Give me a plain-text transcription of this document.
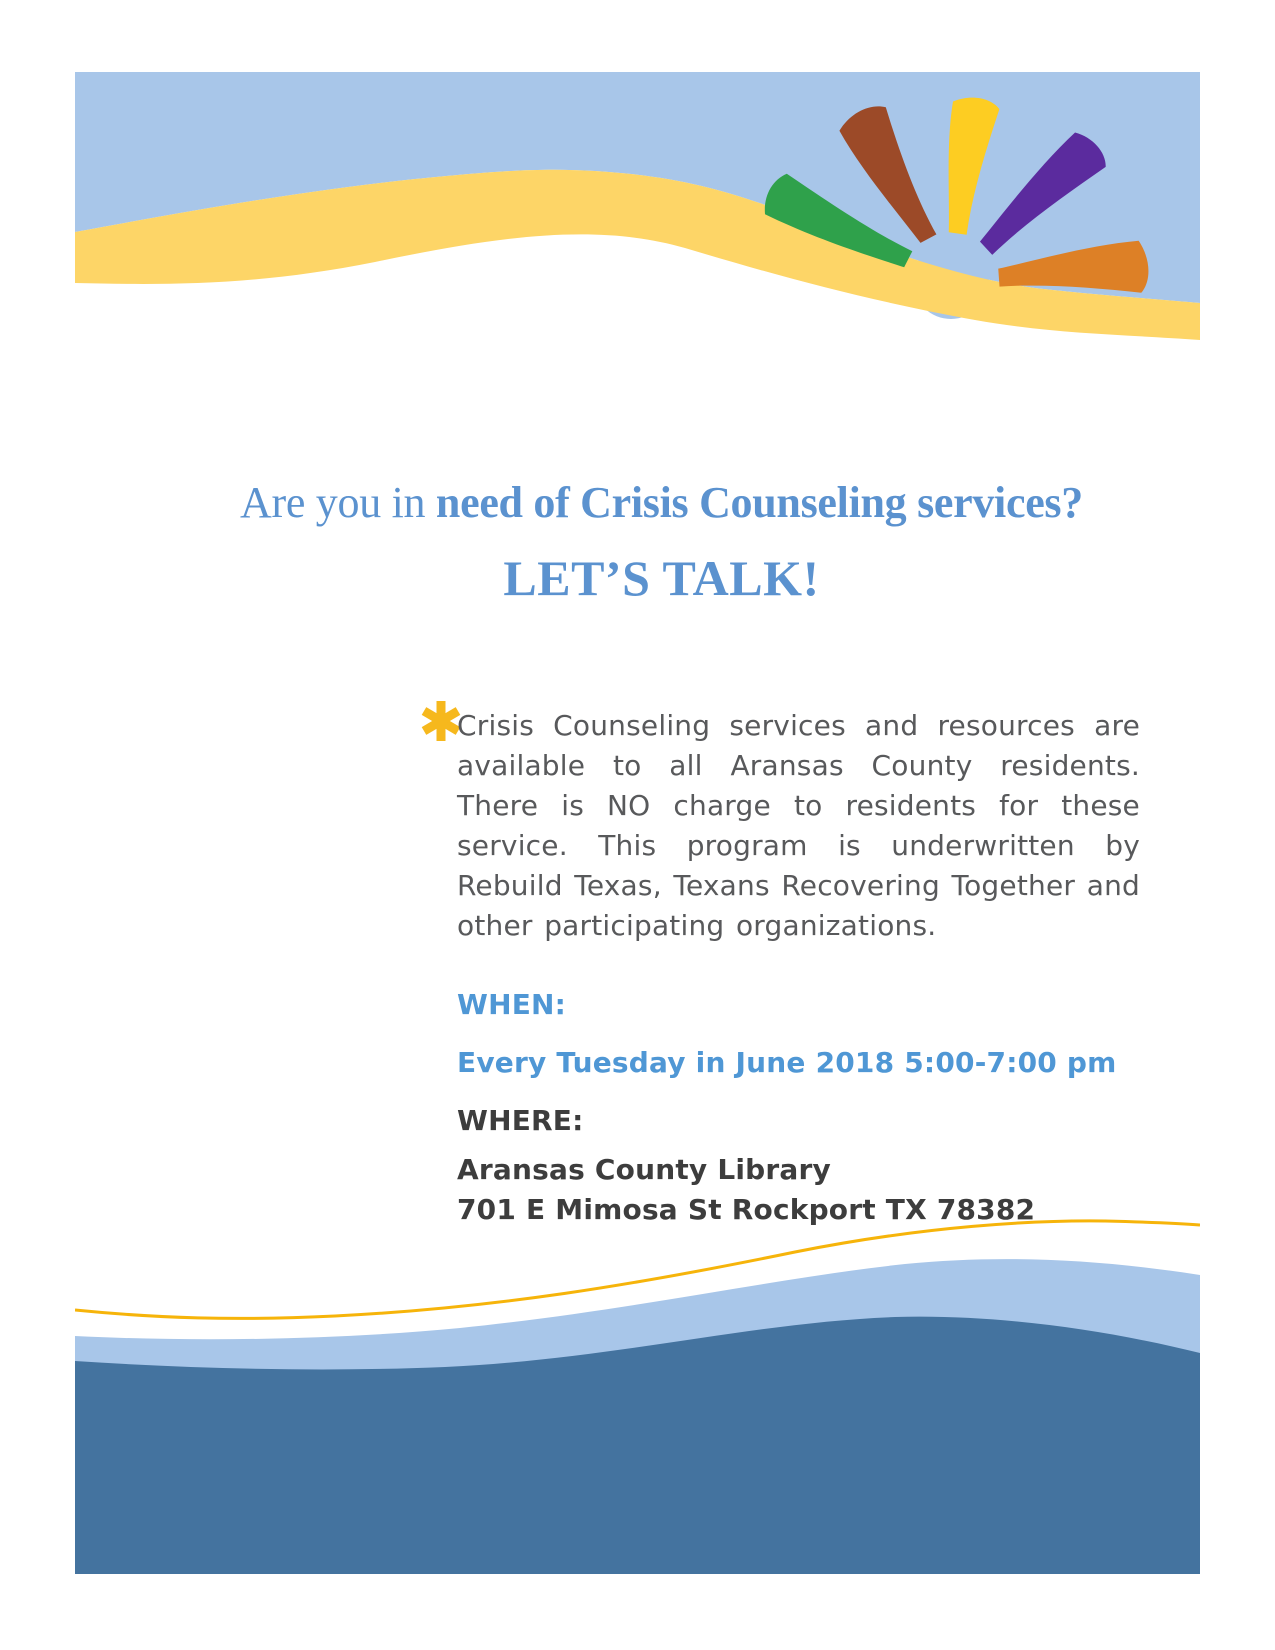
Are you in need of Crisis Counseling services?
LET’S TALK!

Crisis Counseling services and resources are available to all Aransas County residents. There is NO charge to residents for these service. This program is underwritten by Rebuild Texas, Texans Recovering Together and other participating organizations.

WHEN:
Every Tuesday in June 2018 5:00-7:00 pm
WHERE:
Aransas County Library
701 E Mimosa St Rockport TX 78382
